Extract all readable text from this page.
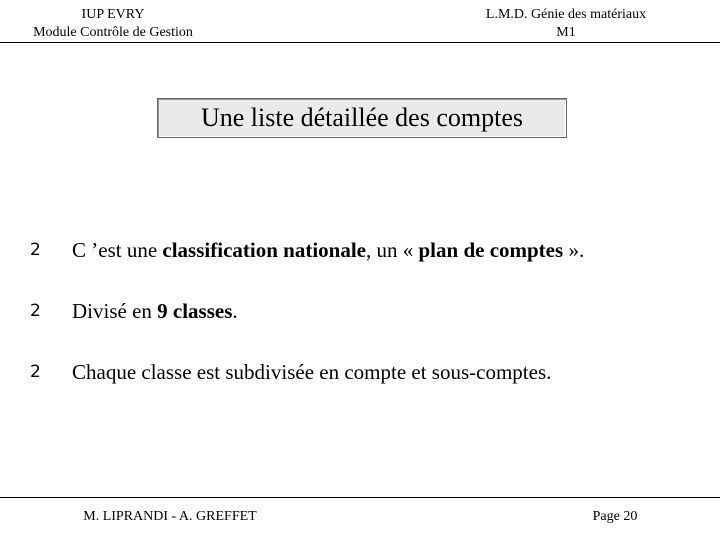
IUP EVRY
Module Contrôle de Gestion
L.M.D. Génie des matériaux
M1
Une liste détaillée des comptes
2	C ’est une classification nationale, un « plan de comptes ».
2	Divisé en 9 classes.
2	Chaque classe est subdivisée en compte et sous-comptes.
M. LIPRANDI - A. GREFFET	Page 20
